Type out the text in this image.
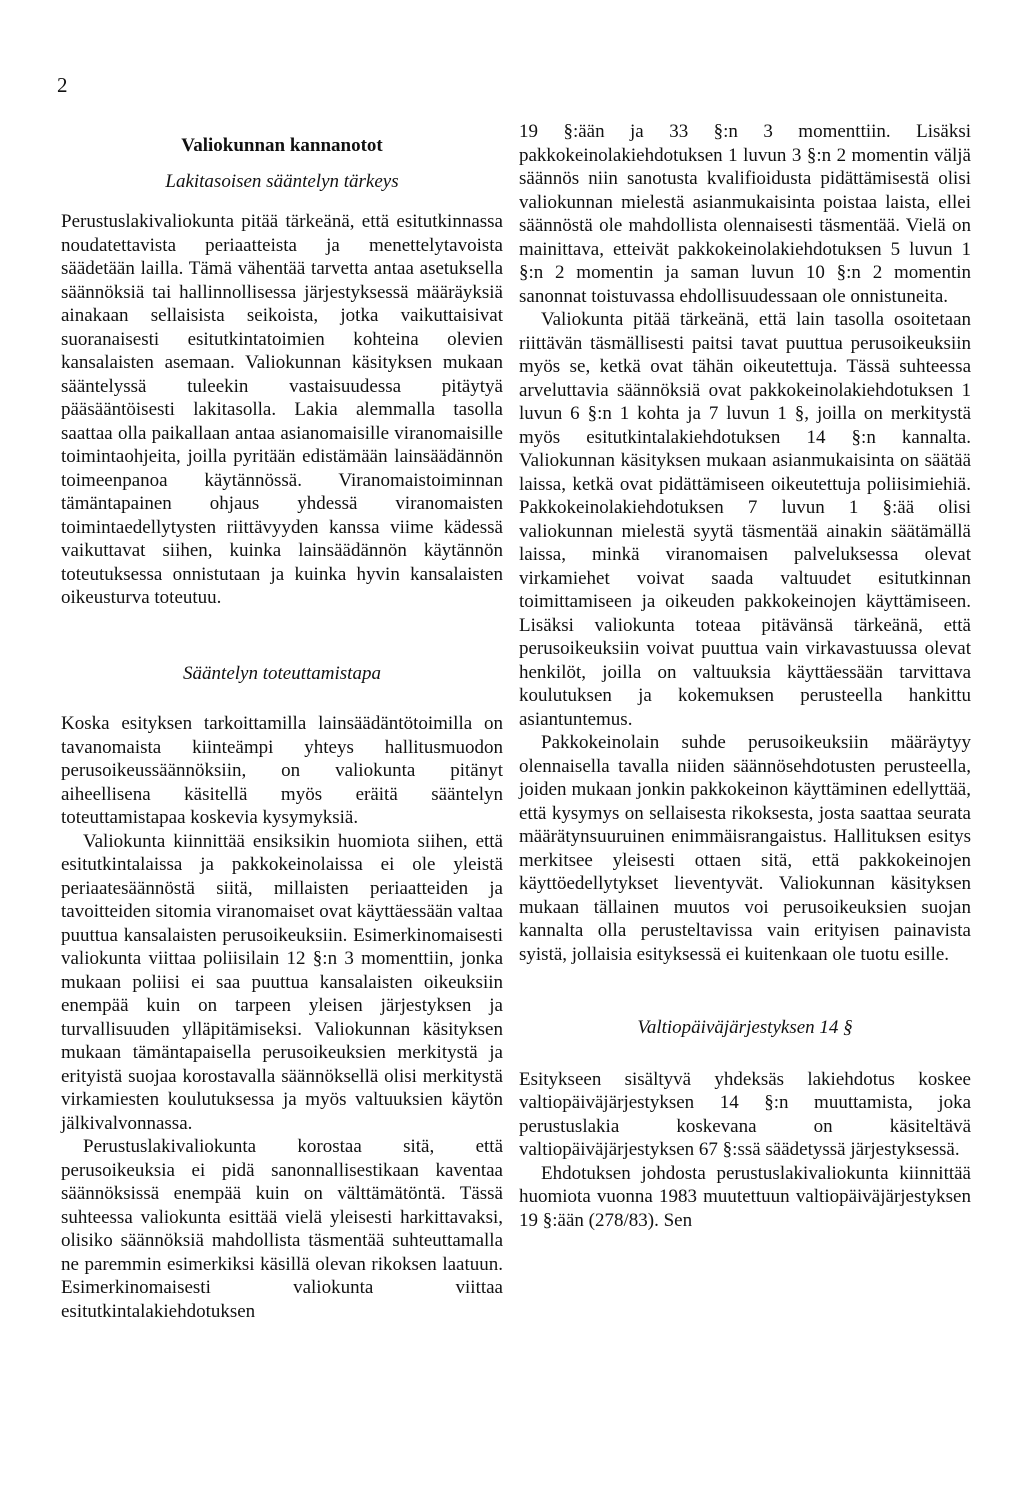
2
Valiokunnan kannanotot
Lakitasoisen sääntelyn tärkeys

Perustuslakivaliokunta pitää tärkeänä, että esitutkinnassa noudatettavista periaatteista ja menettelytavoista säädetään lailla. Tämä vähentää tarvetta antaa asetuksella säännöksiä tai hallinnollisessa järjestyksessä määräyksiä ainakaan sellaisista seikoista, jotka vaikuttaisivat suoranaisesti esitutkintatoimien kohteina olevien kansalaisten asemaan. Valiokunnan käsityksen mukaan sääntelyssä tuleekin vastaisuudessa pitäytyä pääsääntöisesti lakitasolla. Lakia alemmalla tasolla saattaa olla paikallaan antaa asianomaisille viranomaisille toimintaohjeita, joilla pyritään edistämään lainsäädännön toimeenpanoa käytännössä. Viranomaistoiminnan tämäntapainen ohjaus yhdessä viranomaisten toimintaedellytysten riittävyyden kanssa viime kädessä vaikuttavat siihen, kuinka lainsäädännön käytännön toteutuksessa onnistutaan ja kuinka hyvin kansalaisten oikeusturva toteutuu.

Sääntelyn toteuttamistapa

Koska esityksen tarkoittamilla lainsäädäntötoimilla on tavanomaista kiinteämpi yhteys hallitusmuodon perusoikeussäännöksiin, on valiokunta pitänyt aiheellisena käsitellä myös eräitä sääntelyn toteuttamistapaa koskevia kysymyksiä.

Valiokunta kiinnittää ensiksikin huomiota siihen, että esitutkintalaissa ja pakkokeinolaissa ei ole yleistä periaatesäännöstä siitä, millaisten periaatteiden ja tavoitteiden sitomia viranomaiset ovat käyttäessään valtaa puuttua kansalaisten perusoikeuksiin. Esimerkinomaisesti valiokunta viittaa poliisilain 12 §:n 3 momenttiin, jonka mukaan poliisi ei saa puuttua kansalaisten oikeuksiin enempää kuin on tarpeen yleisen järjestyksen ja turvallisuuden ylläpitämiseksi. Valiokunnan käsityksen mukaan tämäntapaisella perusoikeuksien merkitystä ja erityistä suojaa korostavalla säännöksellä olisi merkitystä virkamiesten koulutuksessa ja myös valtuuksien käytön jälkivalvonnassa.

Perustuslakivaliokunta korostaa sitä, että perusoikeuksia ei pidä sanonnallisestikaan kaventaa säännöksissä enempää kuin on välttämätöntä. Tässä suhteessa valiokunta esittää vielä yleisesti harkittavaksi, olisiko säännöksiä mahdollista täsmentää suhteuttamalla ne paremmin esimerkiksi käsillä olevan rikoksen laatuun. Esimerkinomaisesti valiokunta viittaa esitutkintalakiehdotuksen

19 §:ään ja 33 §:n 3 momenttiin. Lisäksi pakkokeinolakiehdotuksen 1 luvun 3 §:n 2 momentin väljä säännös niin sanotusta kvalifioidusta pidättämisestä olisi valiokunnan mielestä asianmukaisinta poistaa laista, ellei säännöstä ole mahdollista olennaisesti täsmentää. Vielä on mainittava, etteivät pakkokeinolakiehdotuksen 5 luvun 1 §:n 2 momentin ja saman luvun 10 §:n 2 momentin sanonnat toistuvassa ehdollisuudessaan ole onnistuneita.

Valiokunta pitää tärkeänä, että lain tasolla osoitetaan riittävän täsmällisesti paitsi tavat puuttua perusoikeuksiin myös se, ketkä ovat tähän oikeutettuja. Tässä suhteessa arveluttavia säännöksiä ovat pakkokeinolakiehdotuksen 1 luvun 6 §:n 1 kohta ja 7 luvun 1 §, joilla on merkitystä myös esitutkintalakiehdotuksen 14 §:n kannalta. Valiokunnan käsityksen mukaan asianmukaisinta on säätää laissa, ketkä ovat pidättämiseen oikeutettuja poliisimiehiä. Pakkokeinolakiehdotuksen 7 luvun 1 §:ää olisi valiokunnan mielestä syytä täsmentää ainakin säätämällä laissa, minkä viranomaisen palveluksessa olevat virkamiehet voivat saada valtuudet esitutkinnan toimittamiseen ja oikeuden pakkokeinojen käyttämiseen. Lisäksi valiokunta toteaa pitävänsä tärkeänä, että perusoikeuksiin voivat puuttua vain virkavastuussa olevat henkilöt, joilla on valtuuksia käyttäessään tarvittava koulutuksen ja kokemuksen perusteella hankittu asiantuntemus.

Pakkokeinolain suhde perusoikeuksiin määräytyy olennaisella tavalla niiden säännösehdotusten perusteella, joiden mukaan jonkin pakkokeinon käyttäminen edellyttää, että kysymys on sellaisesta rikoksesta, josta saattaa seurata määrätynsuuruinen enimmäisrangaistus. Hallituksen esitys merkitsee yleisesti ottaen sitä, että pakkokeinojen käyttöedellytykset lieventyvät. Valiokunnan käsityksen mukaan tällainen muutos voi perusoikeuksien suojan kannalta olla perusteltavissa vain erityisen painavista syistä, jollaisia esityksessä ei kuitenkaan ole tuotu esille.

Valtiopäiväjärjestyksen 14 §

Esitykseen sisältyvä yhdeksäs lakiehdotus koskee valtiopäiväjärjestyksen 14 §:n muuttamista, joka perustuslakia koskevana on käsiteltävä valtiopäiväjärjestyksen 67 §:ssä säädetyssä järjestyksessä.

Ehdotuksen johdosta perustuslakivaliokunta kiinnittää huomiota vuonna 1983 muutettuun valtiopäiväjärjestyksen 19 §:ään (278/83). Sen
